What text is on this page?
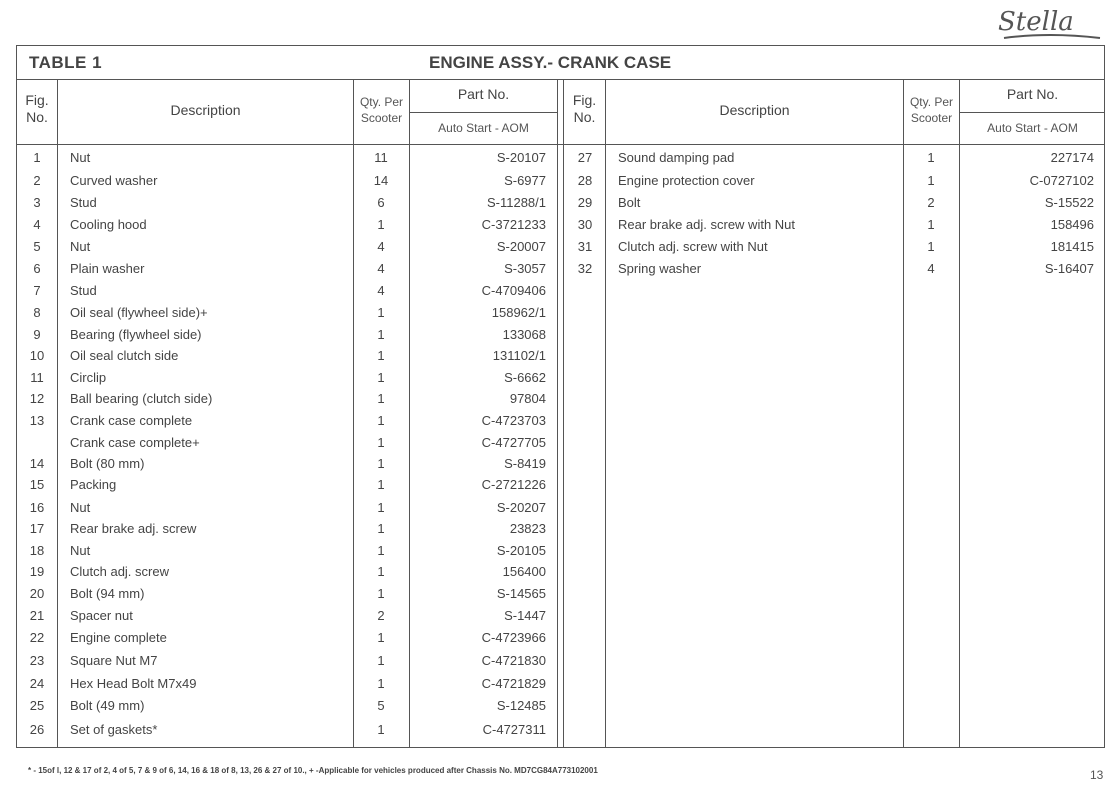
Stella
TABLE 1	ENGINE ASSY.- CRANK CASE
Fig.
No.	Description	Qty. Per
Scooter
Part No.
Auto Start - AOM
Fig.
No.	Description	Qty. Per
Scooter
Part No.
Auto Start - AOM
1	Nut	11	S-20107
2	Curved washer	14	S-6977
3	Stud	6	S-11288/1
4	Cooling hood	1	C-3721233
5	Nut	4	S-20007
6	Plain washer	4	S-3057
7	Stud	4	C-4709406
8	Oil seal (flywheel side)+	1	158962/1
9	Bearing (flywheel side)	1	133068
10	Oil seal clutch side	1	131102/1
11	Circlip	1	S-6662
12	Ball bearing (clutch side)	1	97804
13	Crank case complete	1	C-4723703
Crank case complete+	1	C-4727705
14	Bolt (80 mm)	1	S-8419
15	Packing	1	C-2721226
16	Nut	1	S-20207
17	Rear brake adj. screw	1	23823
18	Nut	1	S-20105
19	Clutch adj. screw	1	156400
20	Bolt (94 mm)	1	S-14565
21	Spacer nut	2	S-1447
22	Engine complete	1	C-4723966
23	Square Nut M7	1	C-4721830
24	Hex Head Bolt M7x49	1	C-4721829
25	Bolt (49 mm)	5	S-12485
26	Set of gaskets*	1	C-4727311
27	Sound damping pad	1	227174
28	Engine protection cover	1	C-0727102
29	Bolt	2	S-15522
30	Rear brake adj. screw with Nut	1	158496
31	Clutch adj. screw with Nut	1	181415
32	Spring washer	4	S-16407
* - 15of l, 12 & 17 of 2, 4 of 5, 7 & 9 of 6, 14, 16 & 18 of 8, 13, 26 & 27 of 10., + -Applicable for vehicles produced after Chassis No. MD7CG84A773102001	13
